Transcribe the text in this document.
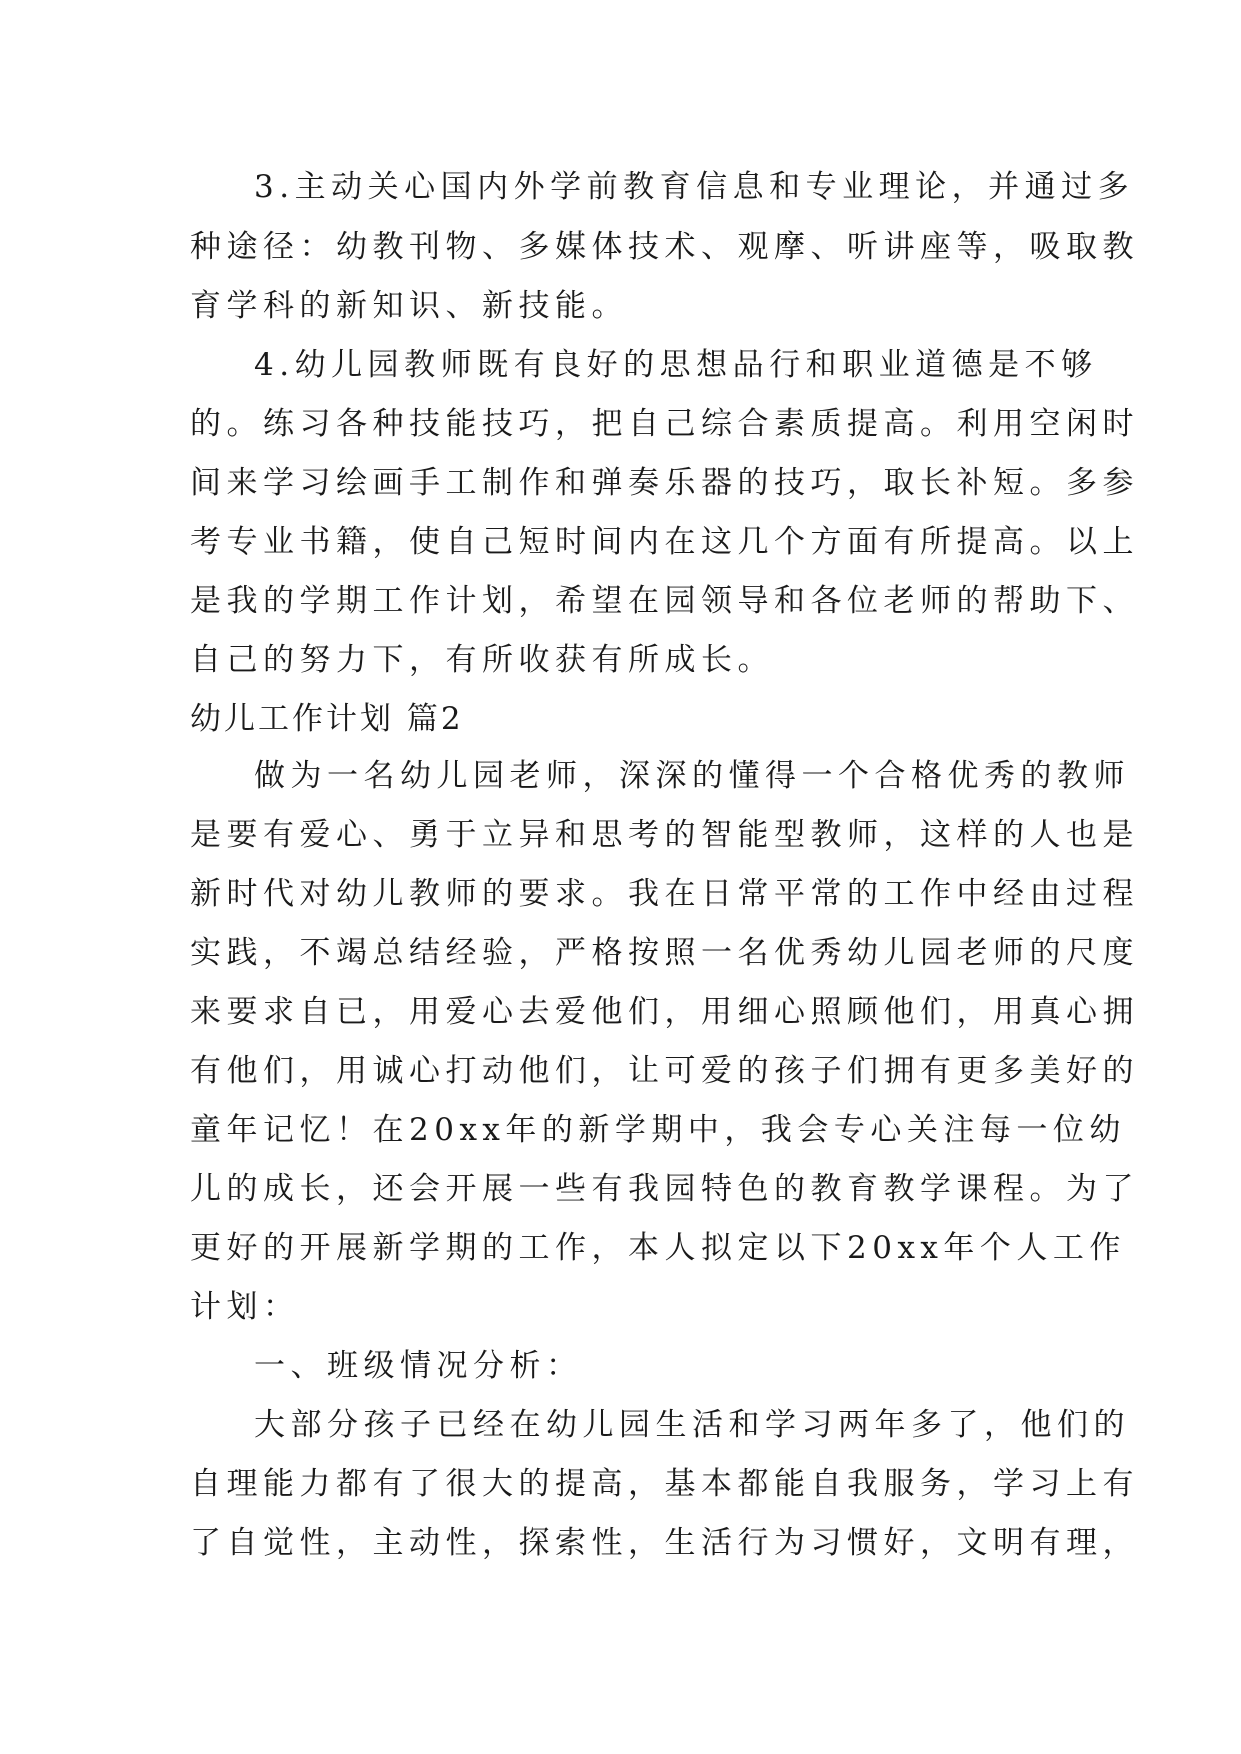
3.主动关心国内外学前教育信息和专业理论，并通过多
种途径：幼教刊物、多媒体技术、观摩、听讲座等，吸取教
育学科的新知识、新技能。
4.幼儿园教师既有良好的思想品行和职业道德是不够
的。练习各种技能技巧，把自己综合素质提高。利用空闲时
间来学习绘画手工制作和弹奏乐器的技巧，取长补短。多参
考专业书籍，使自己短时间内在这几个方面有所提高。以上
是我的学期工作计划，希望在园领导和各位老师的帮助下、
自己的努力下，有所收获有所成长。
幼儿工作计划 篇2
做为一名幼儿园老师，深深的懂得一个合格优秀的教师
是要有爱心、勇于立异和思考的智能型教师，这样的人也是
新时代对幼儿教师的要求。我在日常平常的工作中经由过程
实践，不竭总结经验，严格按照一名优秀幼儿园老师的尺度
来要求自已，用爱心去爱他们，用细心照顾他们，用真心拥
有他们，用诚心打动他们，让可爱的孩子们拥有更多美好的
童年记忆！在20xx年的新学期中，我会专心关注每一位幼
儿的成长，还会开展一些有我园特色的教育教学课程。为了
更好的开展新学期的工作，本人拟定以下20xx年个人工作
计划：
一、班级情况分析：
大部分孩子已经在幼儿园生活和学习两年多了，他们的
自理能力都有了很大的提高，基本都能自我服务，学习上有
了自觉性，主动性，探索性，生活行为习惯好，文明有理，
